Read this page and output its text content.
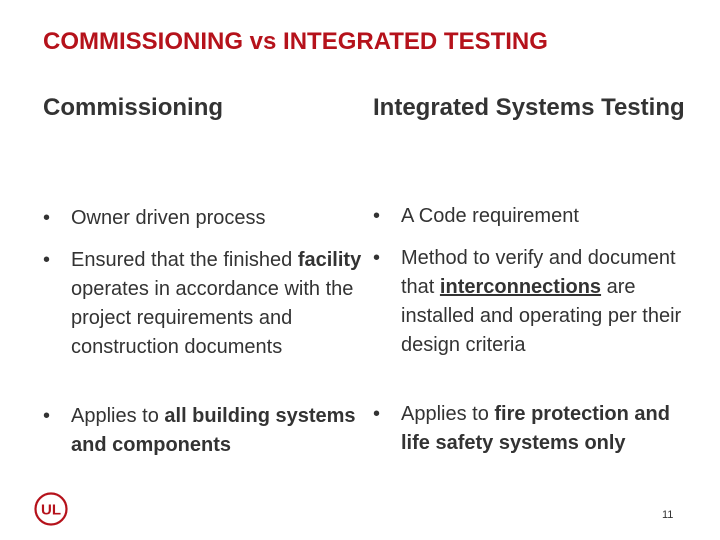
COMMISSIONING vs INTEGRATED TESTING
Commissioning
•	Owner driven process
•	Ensured that the finished facility operates in accordance with the project requirements and construction documents
•	Applies to all building systems and components
Integrated Systems Testing
•	A Code requirement
•	Method to verify and document that interconnections are installed and operating per their design criteria
•	Applies to fire protection and life safety systems only
UL	11
